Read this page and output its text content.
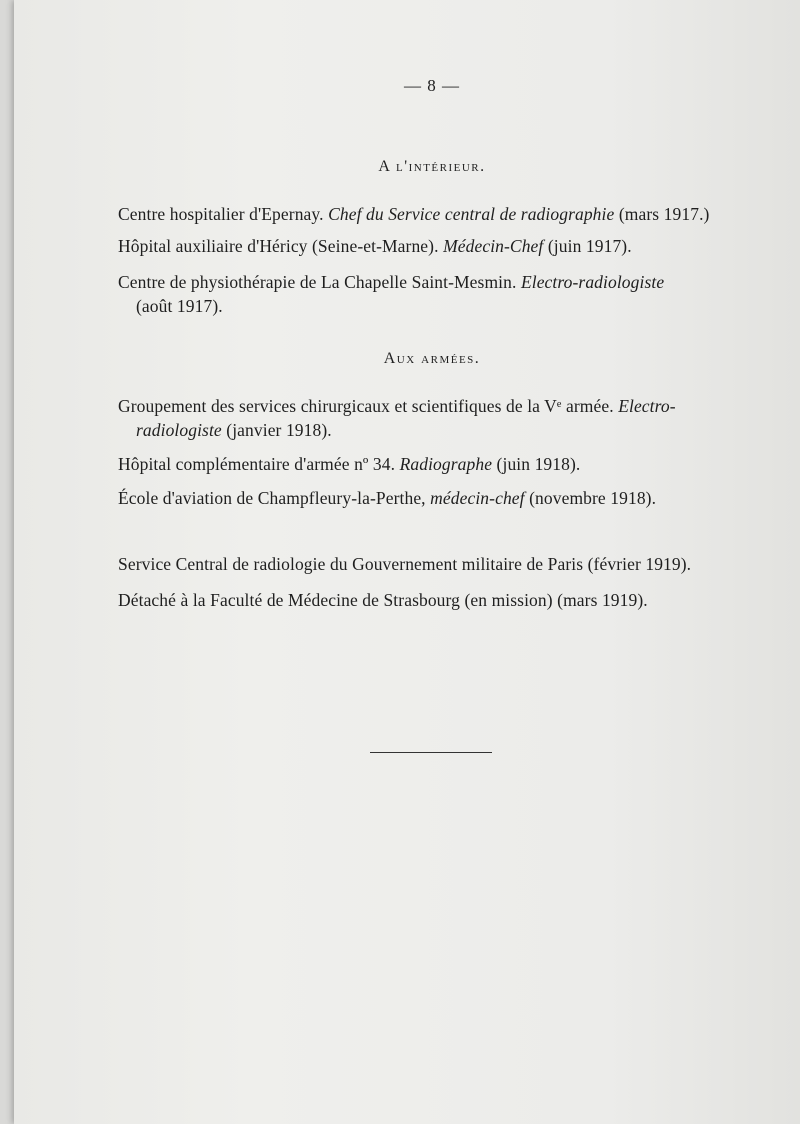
— 8 —
A l'intérieur.
Centre hospitalier d'Epernay. Chef du Service central de radiographie (mars 1917.)
Hôpital auxiliaire d'Héricy (Seine-et-Marne). Médecin-Chef (juin 1917).
Centre de physiothérapie de La Chapelle Saint-Mesmin. Electro-radiologiste
(août 1917).
Aux armées.
Groupement des services chirurgicaux et scientifiques de la Vᵉ armée. Electro-
radiologiste (janvier 1918).
Hôpital complémentaire d'armée nº 34. Radiographe (juin 1918).
École d'aviation de Champfleury-la-Perthe, médecin-chef (novembre 1918).
Service Central de radiologie du Gouvernement militaire de Paris (février 1919).
Détaché à la Faculté de Médecine de Strasbourg (en mission) (mars 1919).
